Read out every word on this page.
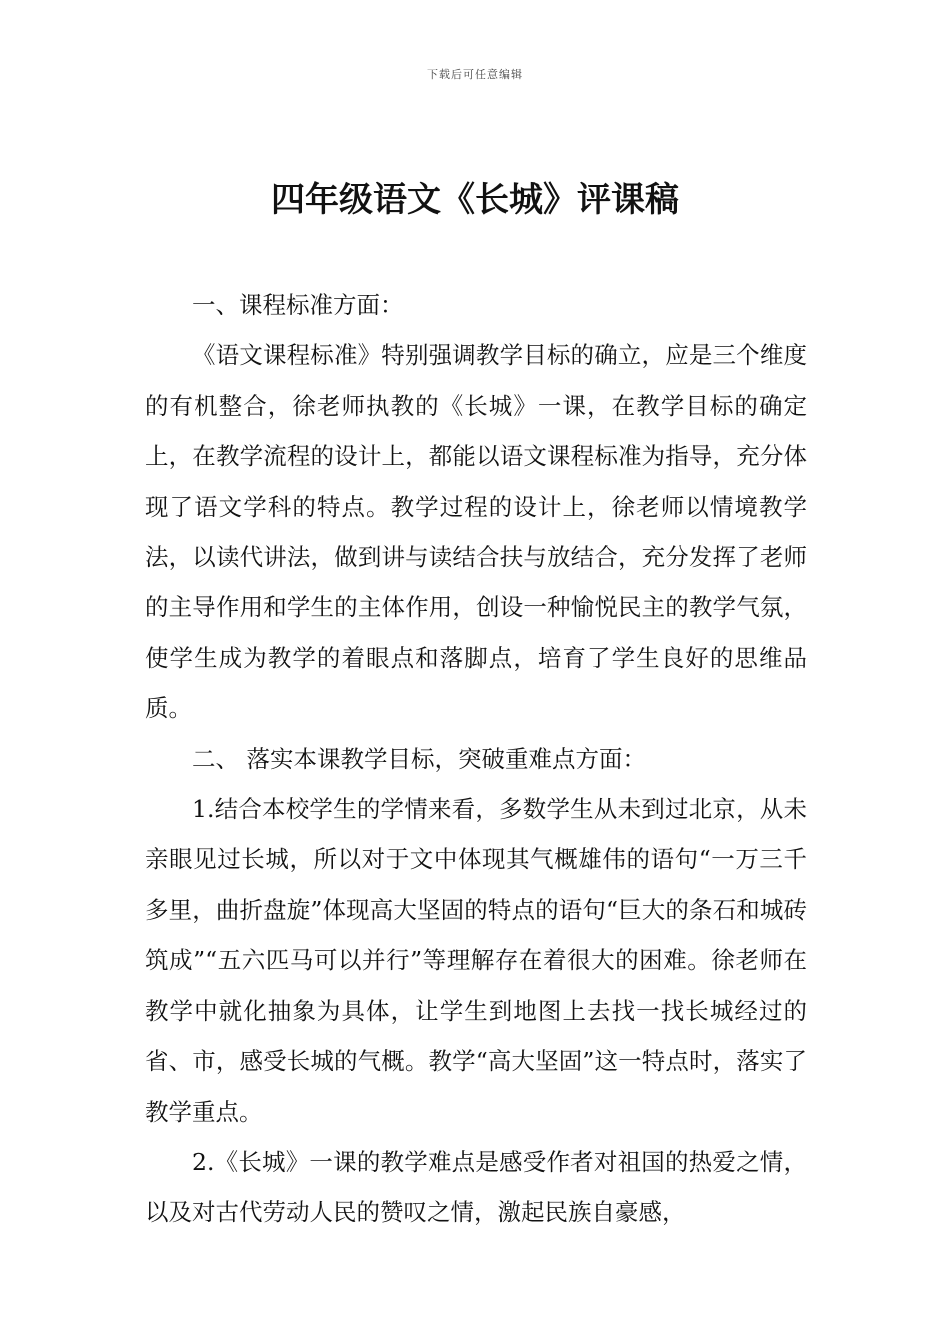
下载后可任意编辑
四年级语文《长城》评课稿

一、课程标准方面：

《语文课程标准》特别强调教学目标的确立，应是三个维度的有机整合，徐老师执教的《长城》一课，在教学目标的确定上，在教学流程的设计上，都能以语文课程标准为指导，充分体现了语文学科的特点。教学过程的设计上，徐老师以情境教学法，以读代讲法，做到讲与读结合扶与放结合，充分发挥了老师的主导作用和学生的主体作用，创设一种愉悦民主的教学气氛，使学生成为教学的着眼点和落脚点，培育了学生良好的思维品质。

二、 落实本课教学目标，突破重难点方面：

1.结合本校学生的学情来看，多数学生从未到过北京，从未亲眼见过长城，所以对于文中体现其气概雄伟的语句“一万三千多里，曲折盘旋”体现高大坚固的特点的语句“巨大的条石和城砖筑成”“五六匹马可以并行”等理解存在着很大的困难。徐老师在教学中就化抽象为具体，让学生到地图上去找一找长城经过的省、市，感受长城的气概。教学“高大坚固”这一特点时，落实了教学重点。

2.《长城》一课的教学难点是感受作者对祖国的热爱之情，以及对古代劳动人民的赞叹之情，激起民族自豪感，
